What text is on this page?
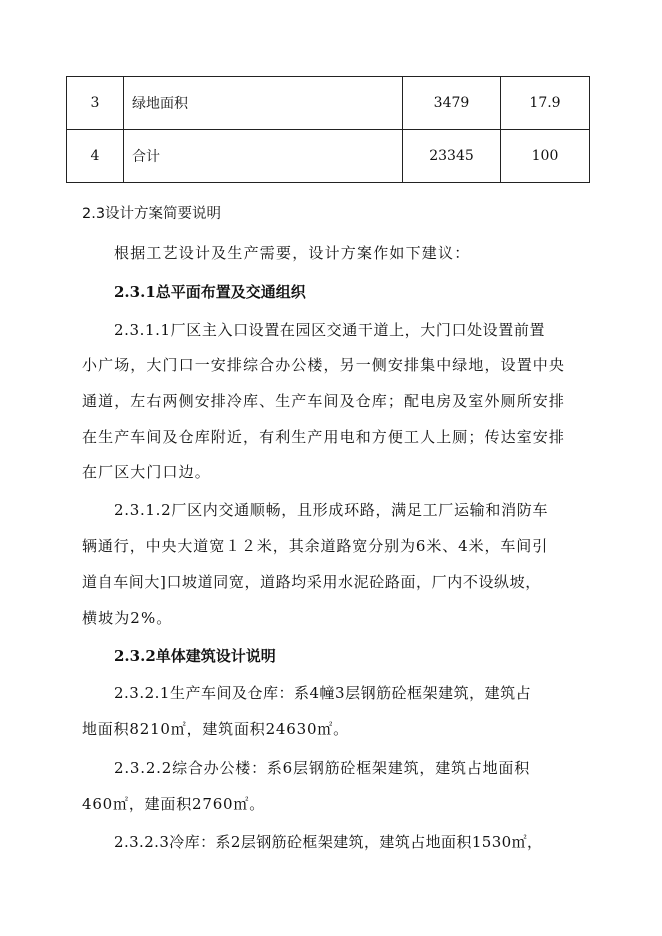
3	绿地面积	3479	17.9
4	合计	23345	100
2.3设计方案简要说明
根据工艺设计及生产需要，设计方案作如下建议：
2.3.1总平面布置及交通组织
2.3.1.1厂区主入口设置在园区交通干道上，大门口处设置前置
小广场，大门口一安排综合办公楼，另一侧安排集中绿地，设置中央
通道，左右两侧安排冷库、生产车间及仓库；配电房及室外厕所安排
在生产车间及仓库附近，有利生产用电和方便工人上厕；传达室安排
在厂区大门口边。
2.3.1.2厂区内交通顺畅，且形成环路，满足工厂运输和消防车
辆通行，中央大道宽１２米，其余道路宽分别为6米、4米，车间引
道自车间大]口坡道同宽，道路均采用水泥砼路面，厂内不设纵坡，
横坡为2%。
2.3.2单体建筑设计说明
2.3.2.1生产车间及仓库：系4幢3层钢筋砼框架建筑，建筑占
地面积8210㎡，建筑面积24630㎡。
2.3.2.2综合办公楼：系6层钢筋砼框架建筑，建筑占地面积
460㎡，建面积2760㎡。
2.3.2.3冷库：系2层钢筋砼框架建筑，建筑占地面积1530㎡，
